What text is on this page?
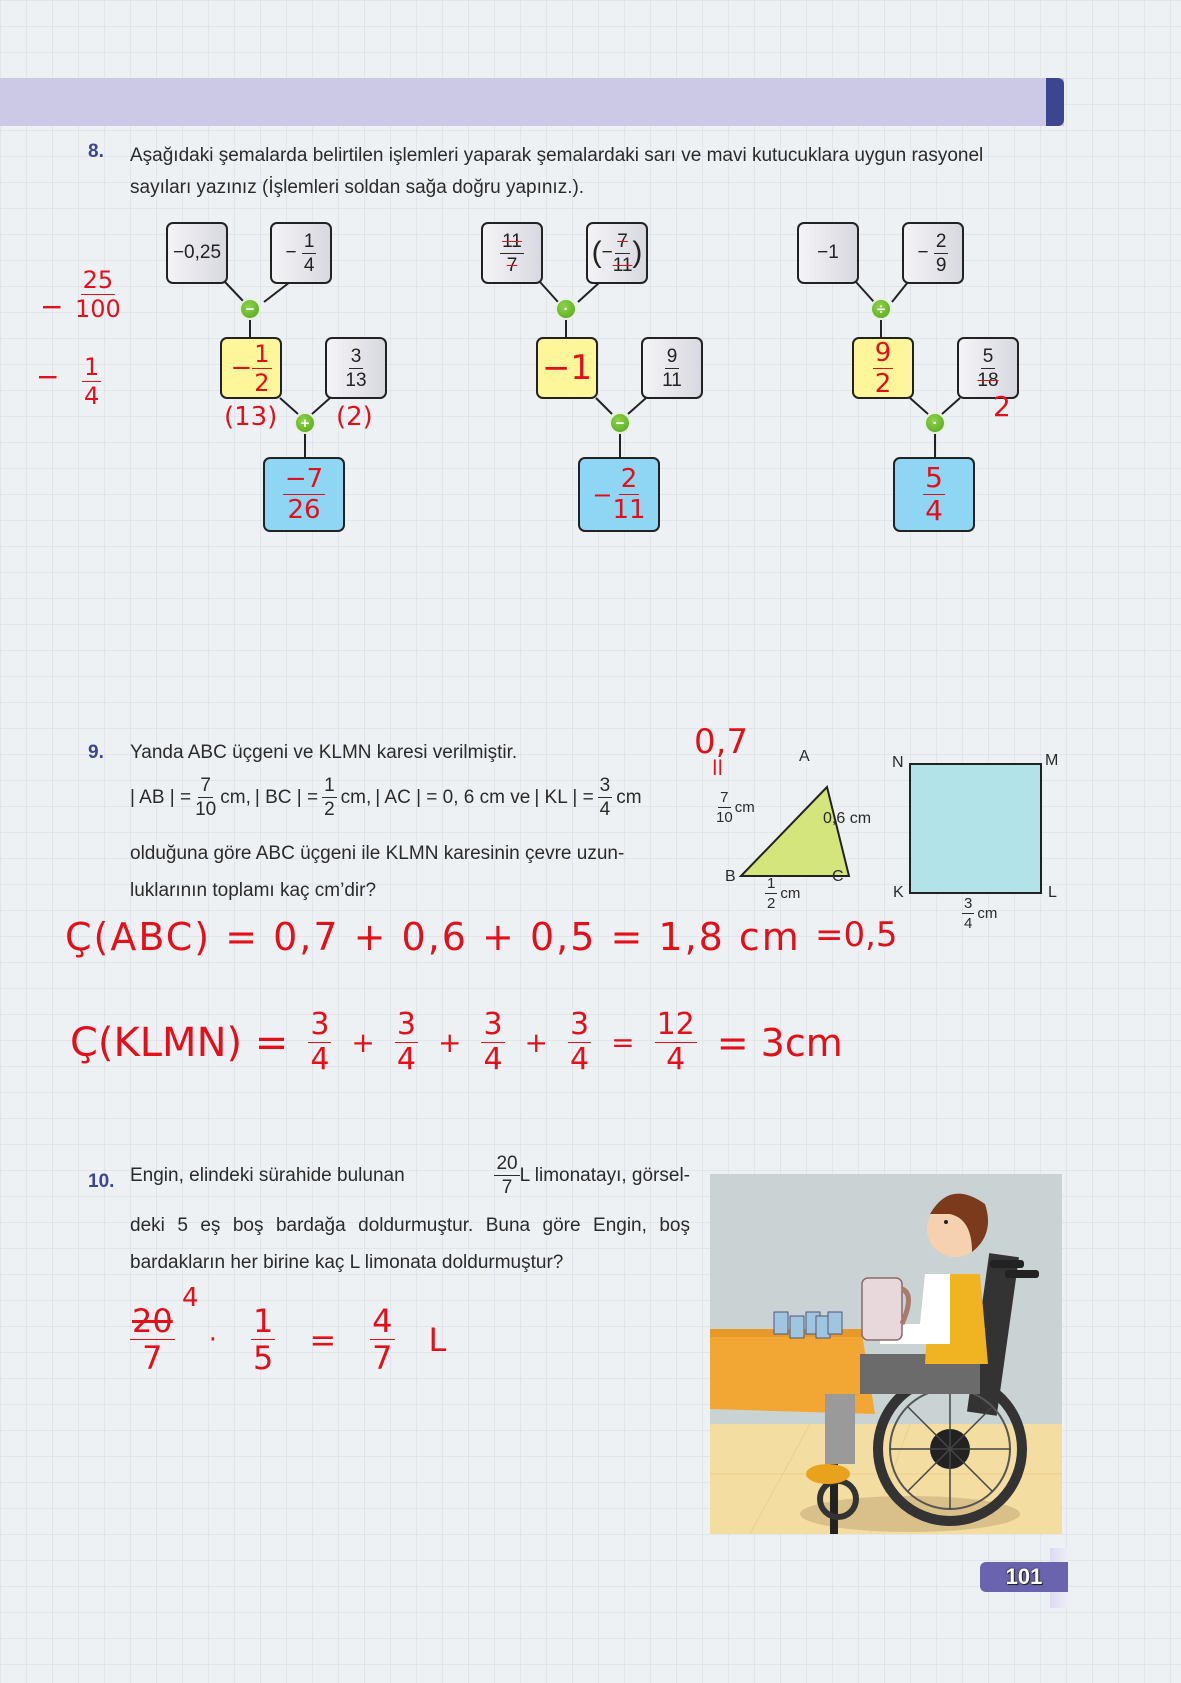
8. Aşağıdaki şemalarda belirtilen işlemleri yaparak şemalardaki sarı ve mavi kutucuklara uygun rasyonel
sayıları yazınız (İşlemleri soldan sağa doğru yapınız.).
− $\frac{25}{100}$
− $\frac{1}{4}$
−0,25	−
$\frac{1}{4}$
−
− $\frac{1}{2}$	$\frac{3}{13}$
(13)	+ (2)
$\frac{-7}{26}$
$\frac{11}{7}$ ( − $\frac{7}{11}$ )
·
−1	$\frac{9}{11}$
−
− $\frac{2}{11}$
−1	−
$\frac{2}{9}$
÷
$\frac{9}{2}$	$\frac{5}{18}$
2
·
$\frac{5}{4}$
9. Yanda ABC üçgeni ve KLMN karesi verilmiştir.
| AB | = $\frac{7}{10}$ cm, | BC | = $\frac{1}{2}$ cm, | AC | = 0, 6 cm ve | KL | = $\frac{3}{4}$ cm
olduğuna göre ABC üçgeni ile KLMN karesinin çevre uzun-
luklarının toplamı kaç cm’dir?
A
B	C
$\frac{7}{10}$ cm
0,6 cm
$\frac{1}{2}$ cm
N	M
K	L
$\frac{3}{4}$ cm
0,7
ll
=0,5
Ç(ABC) = 0,7 + 0,6 + 0,5 = 1,8 cm
Ç(KLMN) = $\frac{3}{4} + \frac{3}{4} + \frac{3}{4} + \frac{3}{4} = \frac{12}{4} = 3cm$
10. Engin, elindeki sürahide bulunan	$\frac{20}{7}$ L limonatayı, görsel-
deki 5 eş boş bardağa doldurmuştur. Buna göre Engin, boş
bardakların her birine kaç L limonata doldurmuştur?
4
$\frac{20}{7} \cdot \frac{1}{5} = \frac{4}{7}$ L
101
